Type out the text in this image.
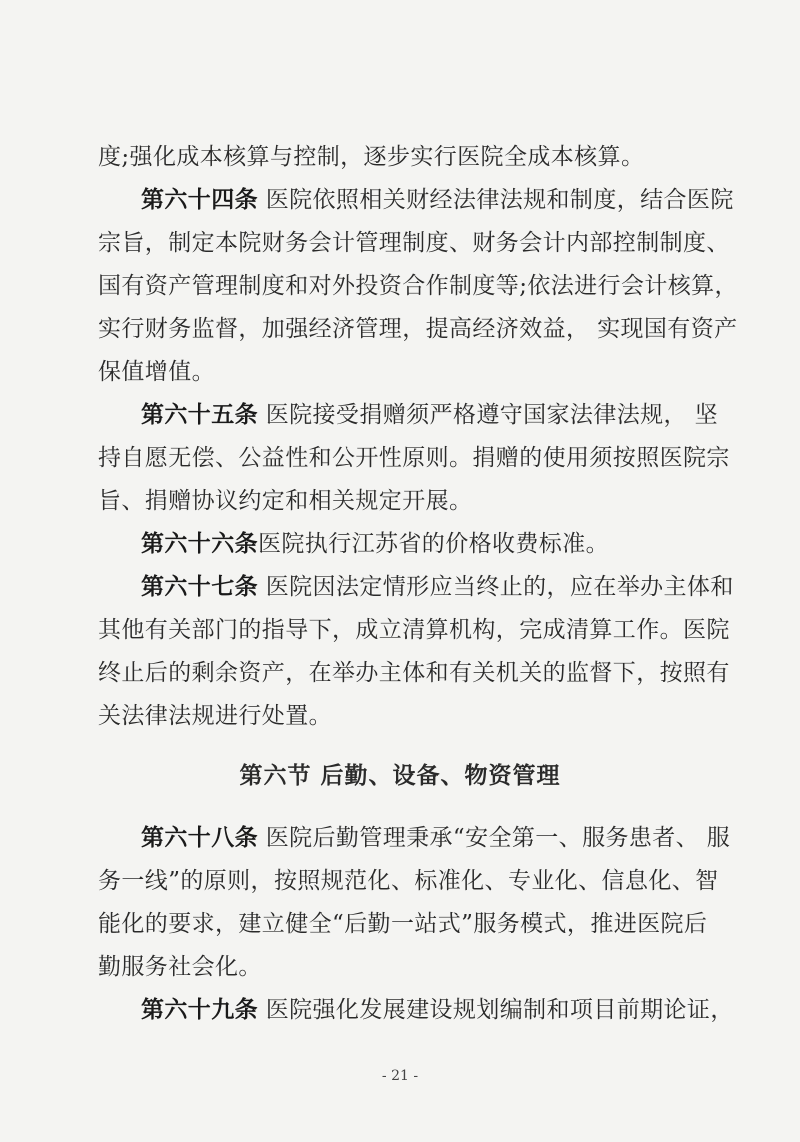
度;强化成本核算与控制，逐步实行医院全成本核算。
第六十四条 医院依照相关财经法律法规和制度，结合医院
宗旨，制定本院财务会计管理制度、财务会计内部控制制度、
国有资产管理制度和对外投资合作制度等;依法进行会计核算，
实行财务监督，加强经济管理，提高经济效益， 实现国有资产
保值增值。
第六十五条 医院接受捐赠须严格遵守国家法律法规， 坚
持自愿无偿、公益性和公开性原则。捐赠的使用须按照医院宗
旨、捐赠协议约定和相关规定开展。
第六十六条医院执行江苏省的价格收费标准。
第六十七条 医院因法定情形应当终止的，应在举办主体和
其他有关部门的指导下，成立清算机构，完成清算工作。医院
终止后的剩余资产，在举办主体和有关机关的监督下，按照有
关法律法规进行处置。
第六节 后勤、设备、物资管理
第六十八条 医院后勤管理秉承“安全第一、服务患者、 服
务一线”的原则，按照规范化、标准化、专业化、信息化、智
能化的要求，建立健全“后勤一站式”服务模式，推进医院后
勤服务社会化。
第六十九条 医院强化发展建设规划编制和项目前期论证，
- 21 -
